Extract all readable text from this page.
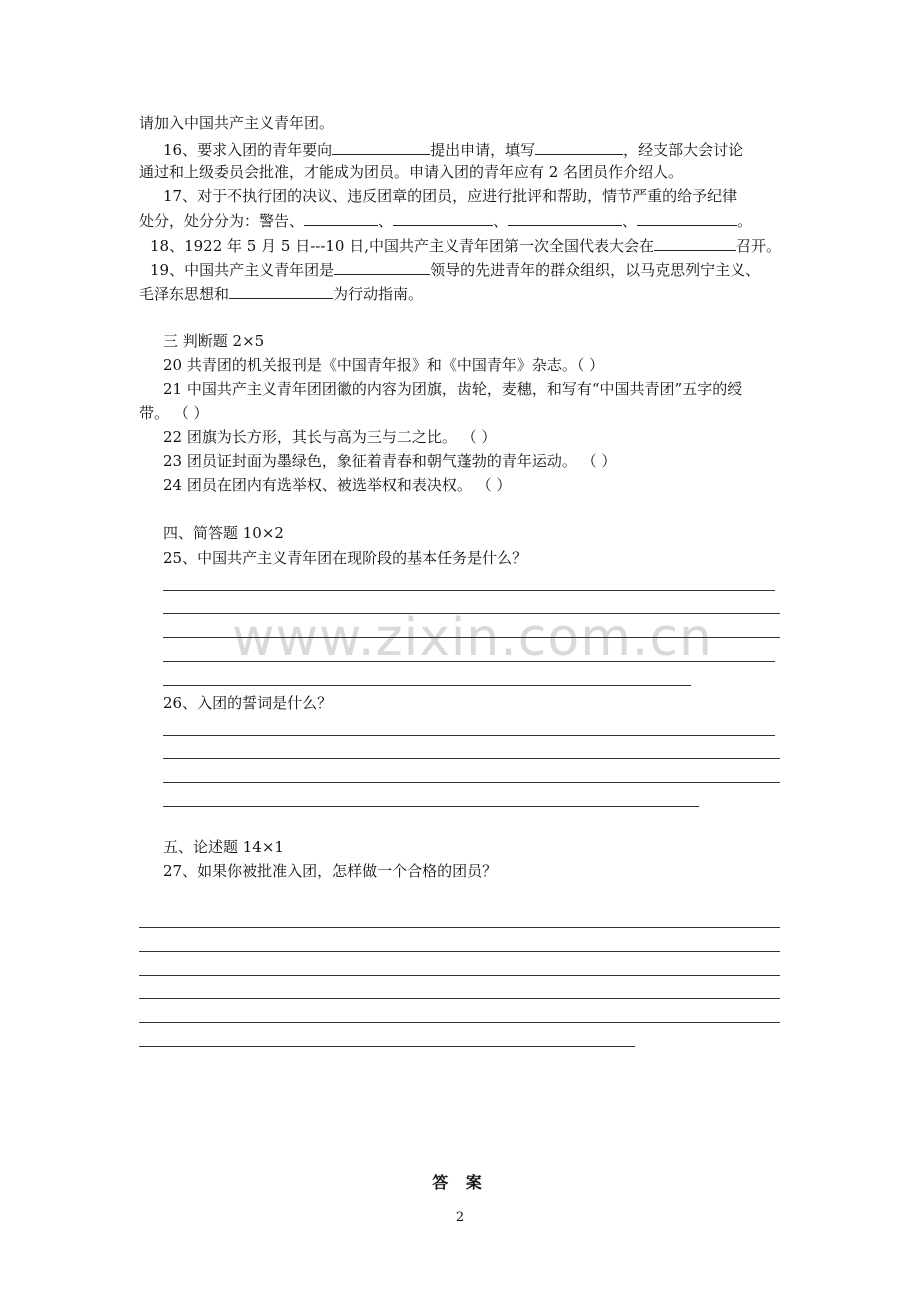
www.zixin.com.cn
请加入中国共产主义青年团。
16、要求入团的青年要向	提出申请，填写	，经支部大会讨论
通过和上级委员会批准，才能成为团员。申请入团的青年应有 2 名团员作介绍人。
17、对于不执行团的决议、违反团章的团员，应进行批评和帮助，情节严重的给予纪律
处分，处分分为：警告、	、	、	、	。
18、1922 年 5 月 5 日---10 日,中国共产主义青年团第一次全国代表大会在	召开。
19、中国共产主义青年团是	领导的先进青年的群众组织，以马克思列宁主义、
毛泽东思想和	为行动指南。
三 判断题 2×5
20 共青团的机关报刊是《中国青年报》和《中国青年》杂志。（ ）
21 中国共产主义青年团团徽的内容为团旗，齿轮，麦穗，和写有“中国共青团”五字的绶
带。 （ ）
22 团旗为长方形，其长与高为三与二之比。 （ ）
23 团员证封面为墨绿色，象征着青春和朝气蓬勃的青年运动。 （ ）
24 团员在团内有选举权、被选举权和表决权。 （ ）
四、简答题 10×2
25、中国共产主义青年团在现阶段的基本任务是什么？
26、入团的誓词是什么？
五、论述题 14×1
27、如果你被批准入团，怎样做一个合格的团员？
答 案
2
